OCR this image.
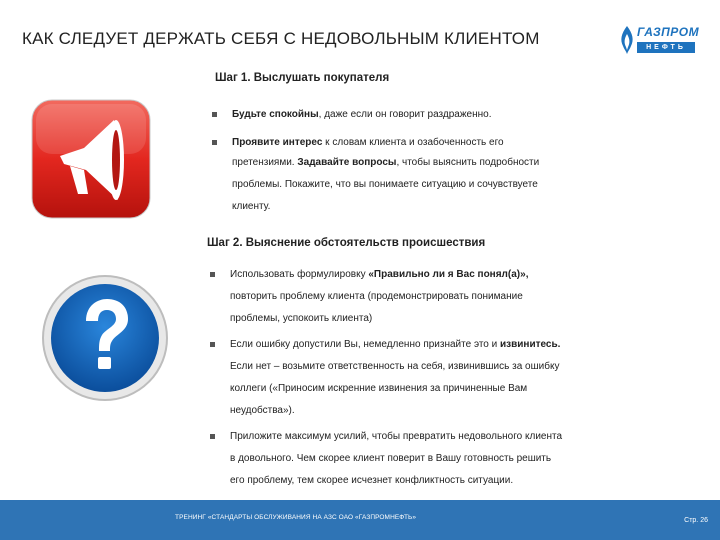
КАК СЛЕДУЕТ ДЕРЖАТЬ СЕБЯ С НЕДОВОЛЬНЫМ КЛИЕНТОМ	ГАЗПРОМ
НЕФТЬ
Шаг 1. Выслушать покупателя
Будьте спокойны, даже если он говорит раздраженно.
Проявите интерес к словам клиента и озабоченность его
претензиями. Задавайте вопросы, чтобы выяснить подробности
проблемы. Покажите, что вы понимаете ситуацию и сочувствуете
клиенту.
Шаг 2. Выяснение обстоятельств происшествия
Использовать формулировку «Правильно ли я Вас понял(а)»,
повторить проблему клиента (продемонстрировать понимание
проблемы, успокоить клиента)
Если ошибку допустили Вы, немедленно признайте это и извинитесь.
Если нет – возьмите ответственность на себя, извинившись за ошибку
коллеги («Приносим искренние извинения за причиненные Вам
неудобства»).
Приложите максимум усилий, чтобы превратить недовольного клиента
в довольного. Чем скорее клиент поверит в Вашу готовность решить
его проблему, тем скорее исчезнет конфликтность ситуации.
ТРЕНИНГ «СТАНДАРТЫ ОБСЛУЖИВАНИЯ НА АЗС ОАО «ГАЗПРОМНЕФТЬ»	Стр. 26
